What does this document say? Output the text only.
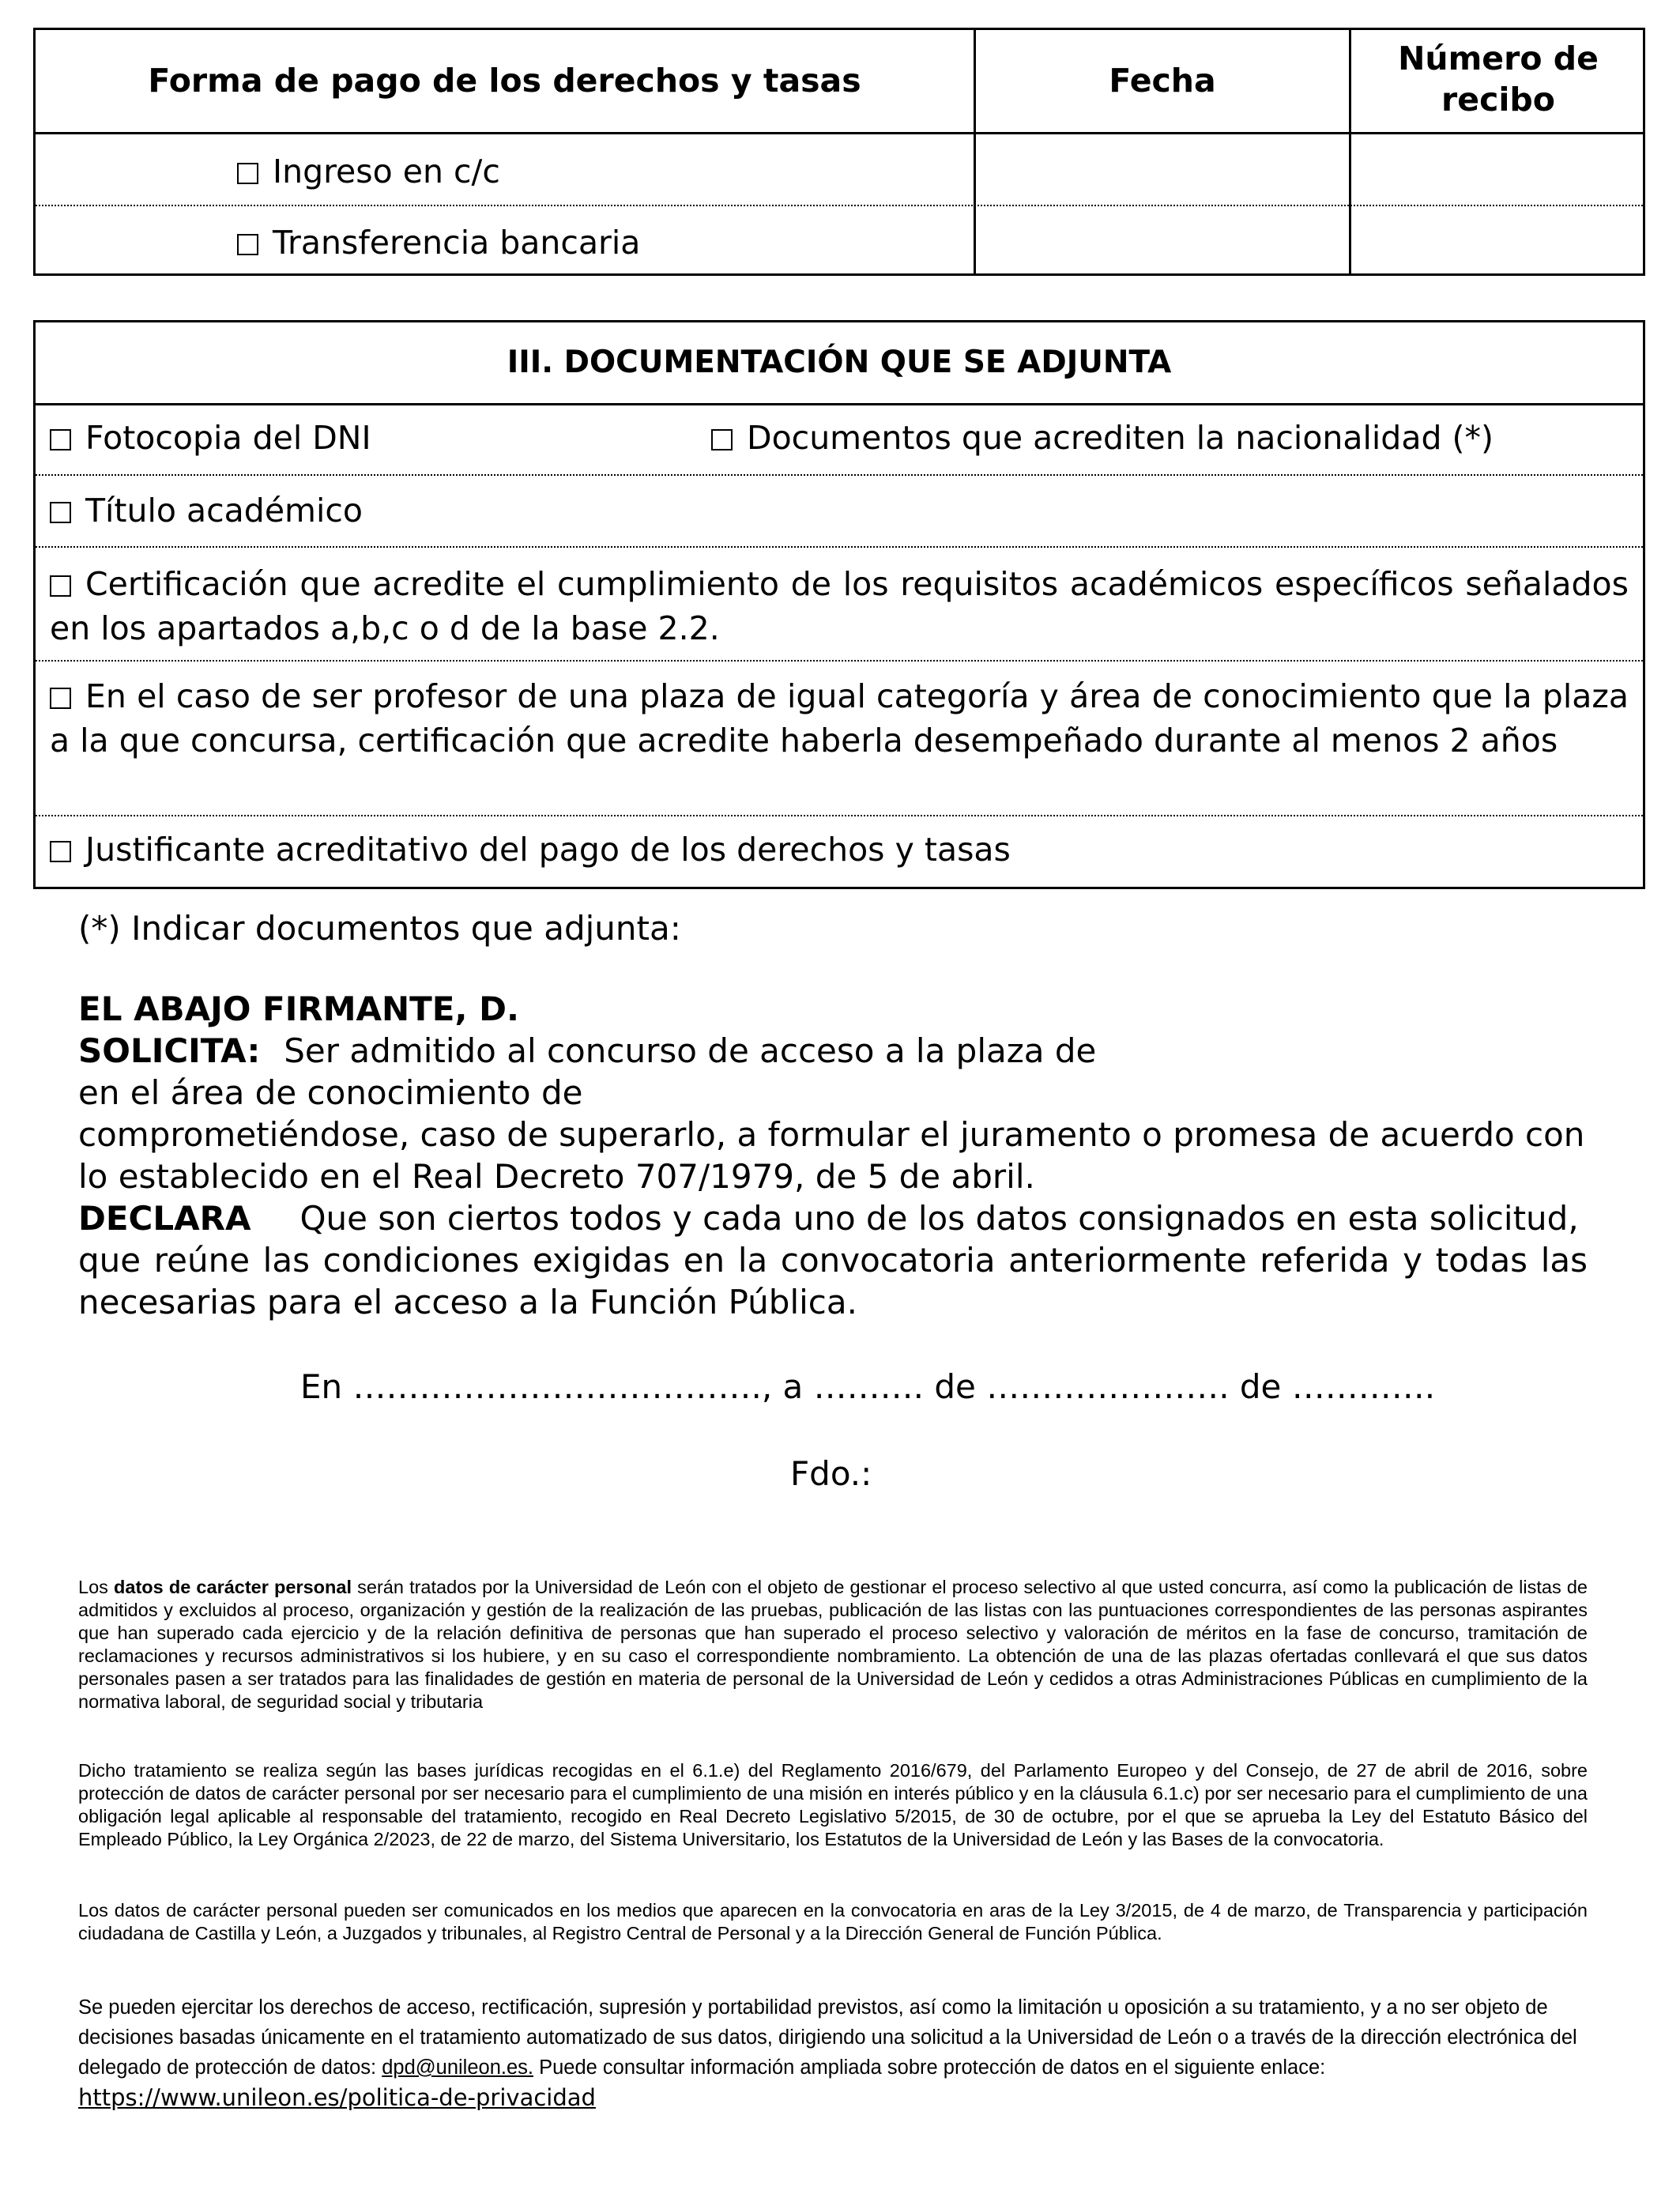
Forma de pago de los derechos y tasas	Fecha
Número de
recibo
Ingreso en c/c
Transferencia bancaria
III. DOCUMENTACIÓN QUE SE ADJUNTA
Fotocopia del DNI	Documentos que acrediten la nacionalidad (*)
Título académico
Certificación que acredite el cumplimiento de los requisitos académicos específicos señalados en los apartados a,b,c o d de la base 2.2.
En el caso de ser profesor de una plaza de igual categoría y área de conocimiento que la plaza a la que concursa, certificación que acredite haberla desempeñado durante al menos 2 años
Justificante acreditativo del pago de los derechos y tasas
(*) Indicar documentos que adjunta:
EL ABAJO FIRMANTE, D.
SOLICITA: Ser admitido al concurso de acceso a la plaza de
en el área de conocimiento de
comprometiéndose, caso de superarlo, a formular el juramento o promesa de acuerdo con
lo establecido en el Real Decreto 707/1979, de 5 de abril.
DECLARA Que son ciertos todos y cada uno de los datos consignados en esta solicitud,
que reúne las condiciones exigidas en la convocatoria anteriormente referida y todas las
necesarias para el acceso a la Función Pública.
En ………………………………., a ………. de …………………. de ………….
Fdo.:
Los datos de carácter personal serán tratados por la Universidad de León con el objeto de gestionar el proceso selectivo al que usted concurra, así como la publicación de listas de admitidos y excluidos al proceso, organización y gestión de la realización de las pruebas, publicación de las listas con las puntuaciones correspondientes de las personas aspirantes que han superado cada ejercicio y de la relación definitiva de personas que han superado el proceso selectivo y valoración de méritos en la fase de concurso, tramitación de reclamaciones y recursos administrativos si los hubiere, y en su caso el correspondiente nombramiento. La obtención de una de las plazas ofertadas conllevará el que sus datos personales pasen a ser tratados para las finalidades de gestión en materia de personal de la Universidad de León y cedidos a otras Administraciones Públicas en cumplimiento de la normativa laboral, de seguridad social y tributaria
Dicho tratamiento se realiza según las bases jurídicas recogidas en el 6.1.e) del Reglamento 2016/679, del Parlamento Europeo y del Consejo, de 27 de abril de 2016, sobre protección de datos de carácter personal por ser necesario para el cumplimiento de una misión en interés público y en la cláusula 6.1.c) por ser necesario para el cumplimiento de una obligación legal aplicable al responsable del tratamiento, recogido en Real Decreto Legislativo 5/2015, de 30 de octubre, por el que se aprueba la Ley del Estatuto Básico del Empleado Público, la Ley Orgánica 2/2023, de 22 de marzo, del Sistema Universitario, los Estatutos de la Universidad de León y las Bases de la convocatoria.
Los datos de carácter personal pueden ser comunicados en los medios que aparecen en la convocatoria en aras de la Ley 3/2015, de 4 de marzo, de Transparencia y participación ciudadana de Castilla y León, a Juzgados y tribunales, al Registro Central de Personal y a la Dirección General de Función Pública.
Se pueden ejercitar los derechos de acceso, rectificación, supresión y portabilidad previstos, así como la limitación u oposición a su tratamiento, y a no ser objeto de decisiones basadas únicamente en el tratamiento automatizado de sus datos, dirigiendo una solicitud a la Universidad de León o a través de la dirección electrónica del delegado de protección de datos: dpd@unileon.es. Puede consultar información ampliada sobre protección de datos en el siguiente enlace: https://www.unileon.es/politica-de-privacidad
